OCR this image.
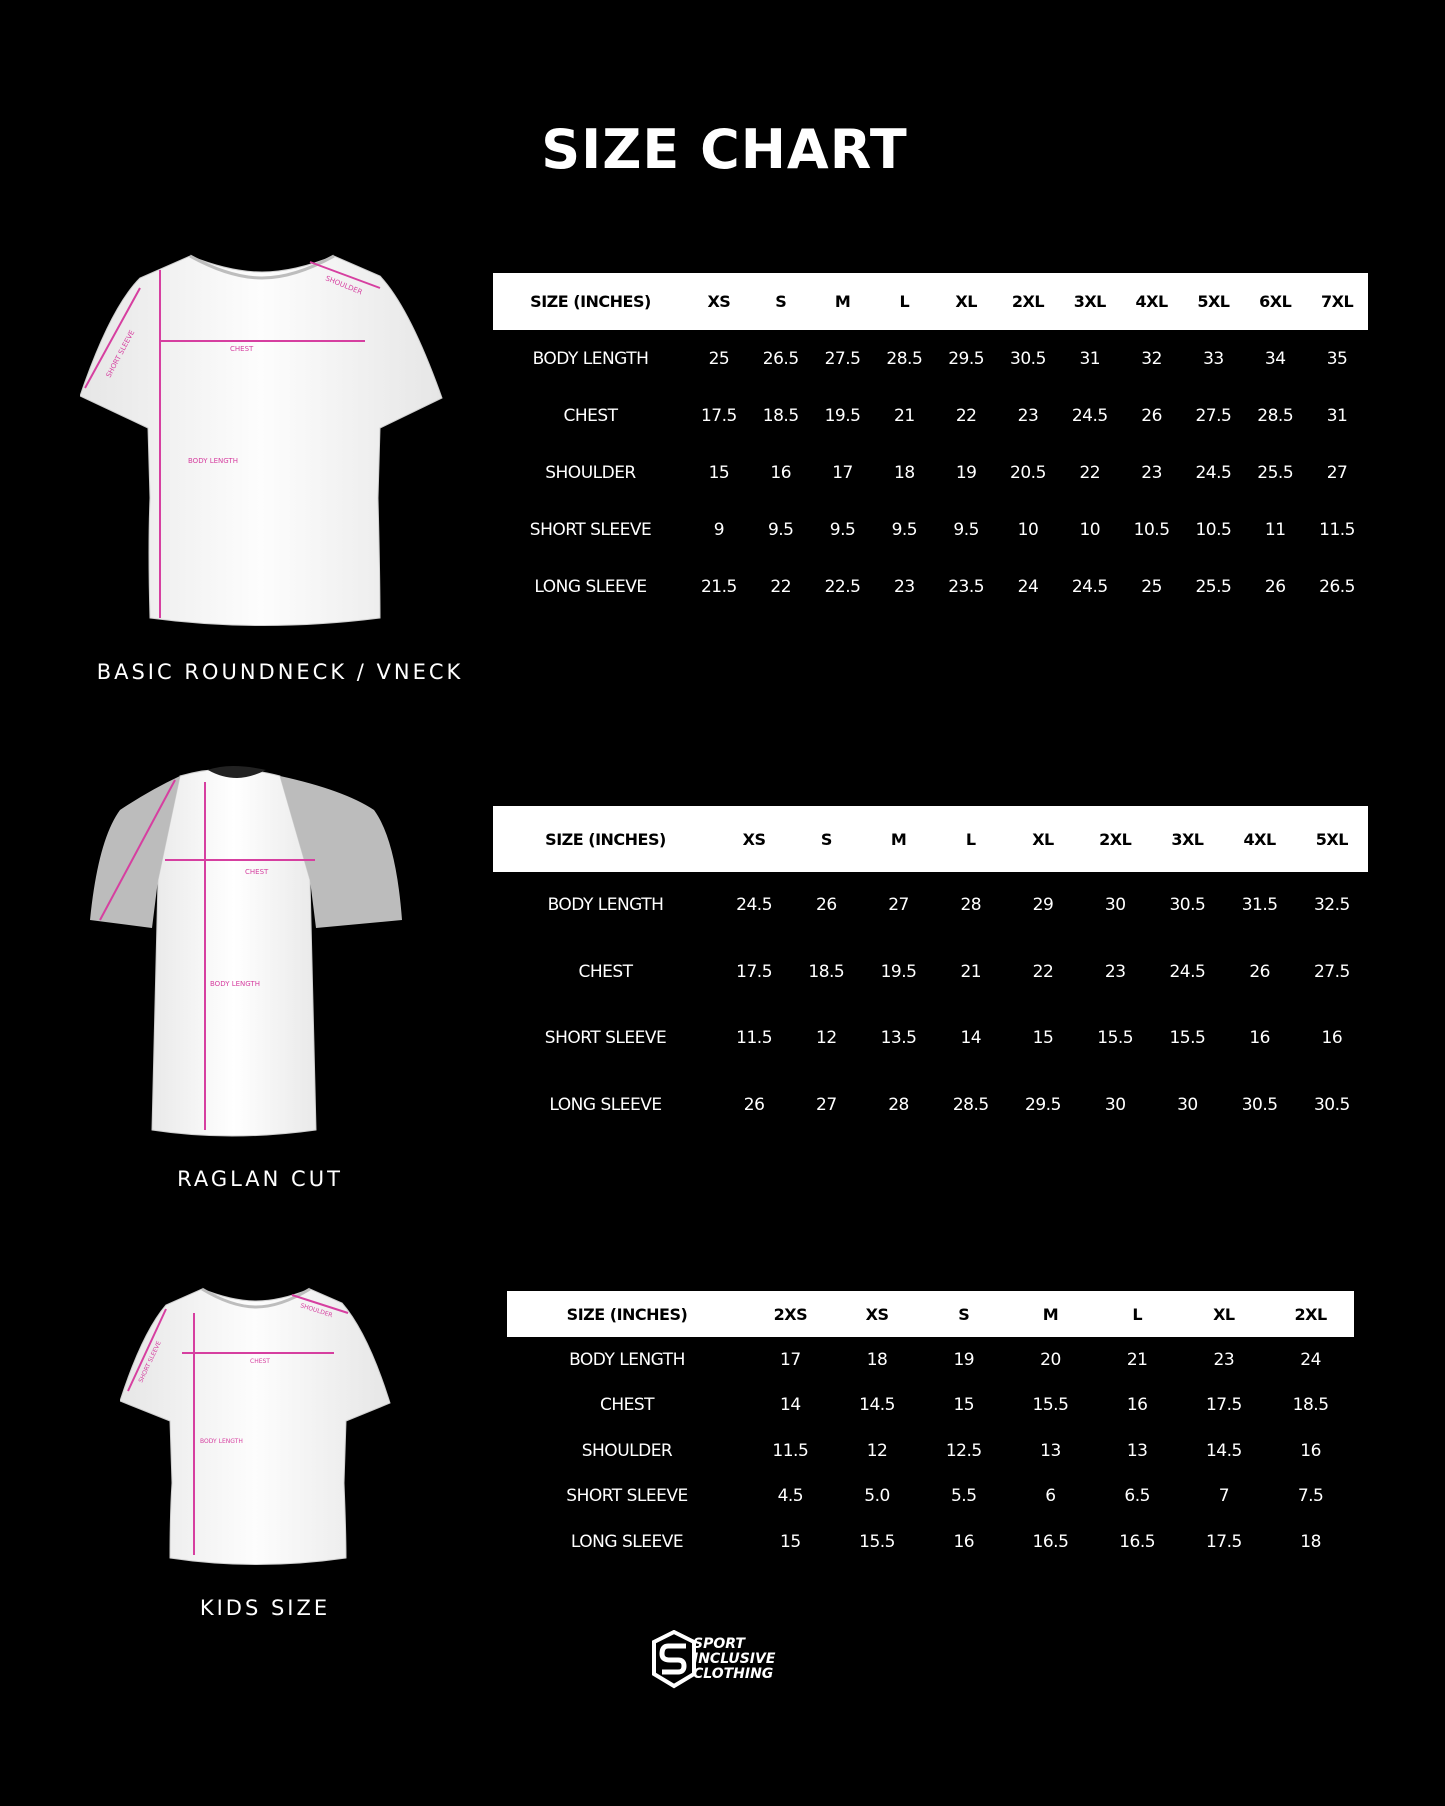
SIZE CHART
CHEST
BODY LENGTH
SHOULDER
SHORT SLEEVE
BASIC ROUNDNECK / VNECK
CHEST
BODY LENGTH
RAGLAN CUT
CHEST
BODY LENGTH
SHOULDER
SHORT SLEEVE
KIDS SIZE
SIZE (INCHES)	XS	S	M	L	XL	2XL	3XL	4XL	5XL	6XL	7XL
BODY LENGTH	25	26.5	27.5	28.5	29.5	30.5	31	32	33	34	35
CHEST	17.5	18.5	19.5	21	22	23	24.5	26	27.5	28.5	31
SHOULDER	15	16	17	18	19	20.5	22	23	24.5	25.5	27
SHORT SLEEVE	9	9.5	9.5	9.5	9.5	10	10	10.5	10.5	11	11.5
LONG SLEEVE	21.5	22	22.5	23	23.5	24	24.5	25	25.5	26	26.5
SIZE (INCHES)	XS	S	M	L	XL	2XL	3XL	4XL	5XL
BODY LENGTH	24.5	26	27	28	29	30	30.5	31.5	32.5
CHEST	17.5	18.5	19.5	21	22	23	24.5	26	27.5
SHORT SLEEVE	11.5	12	13.5	14	15	15.5	15.5	16	16
LONG SLEEVE	26	27	28	28.5	29.5	30	30	30.5	30.5
SIZE (INCHES)	2XS	XS	S	M	L	XL	2XL
BODY LENGTH	17	18	19	20	21	23	24
CHEST	14	14.5	15	15.5	16	17.5	18.5
SHOULDER	11.5	12	12.5	13	13	14.5	16
SHORT SLEEVE	4.5	5.0	5.5	6	6.5	7	7.5
LONG SLEEVE	15	15.5	16	16.5	16.5	17.5	18
SPORT
INCLUSIVE
CLOTHING
